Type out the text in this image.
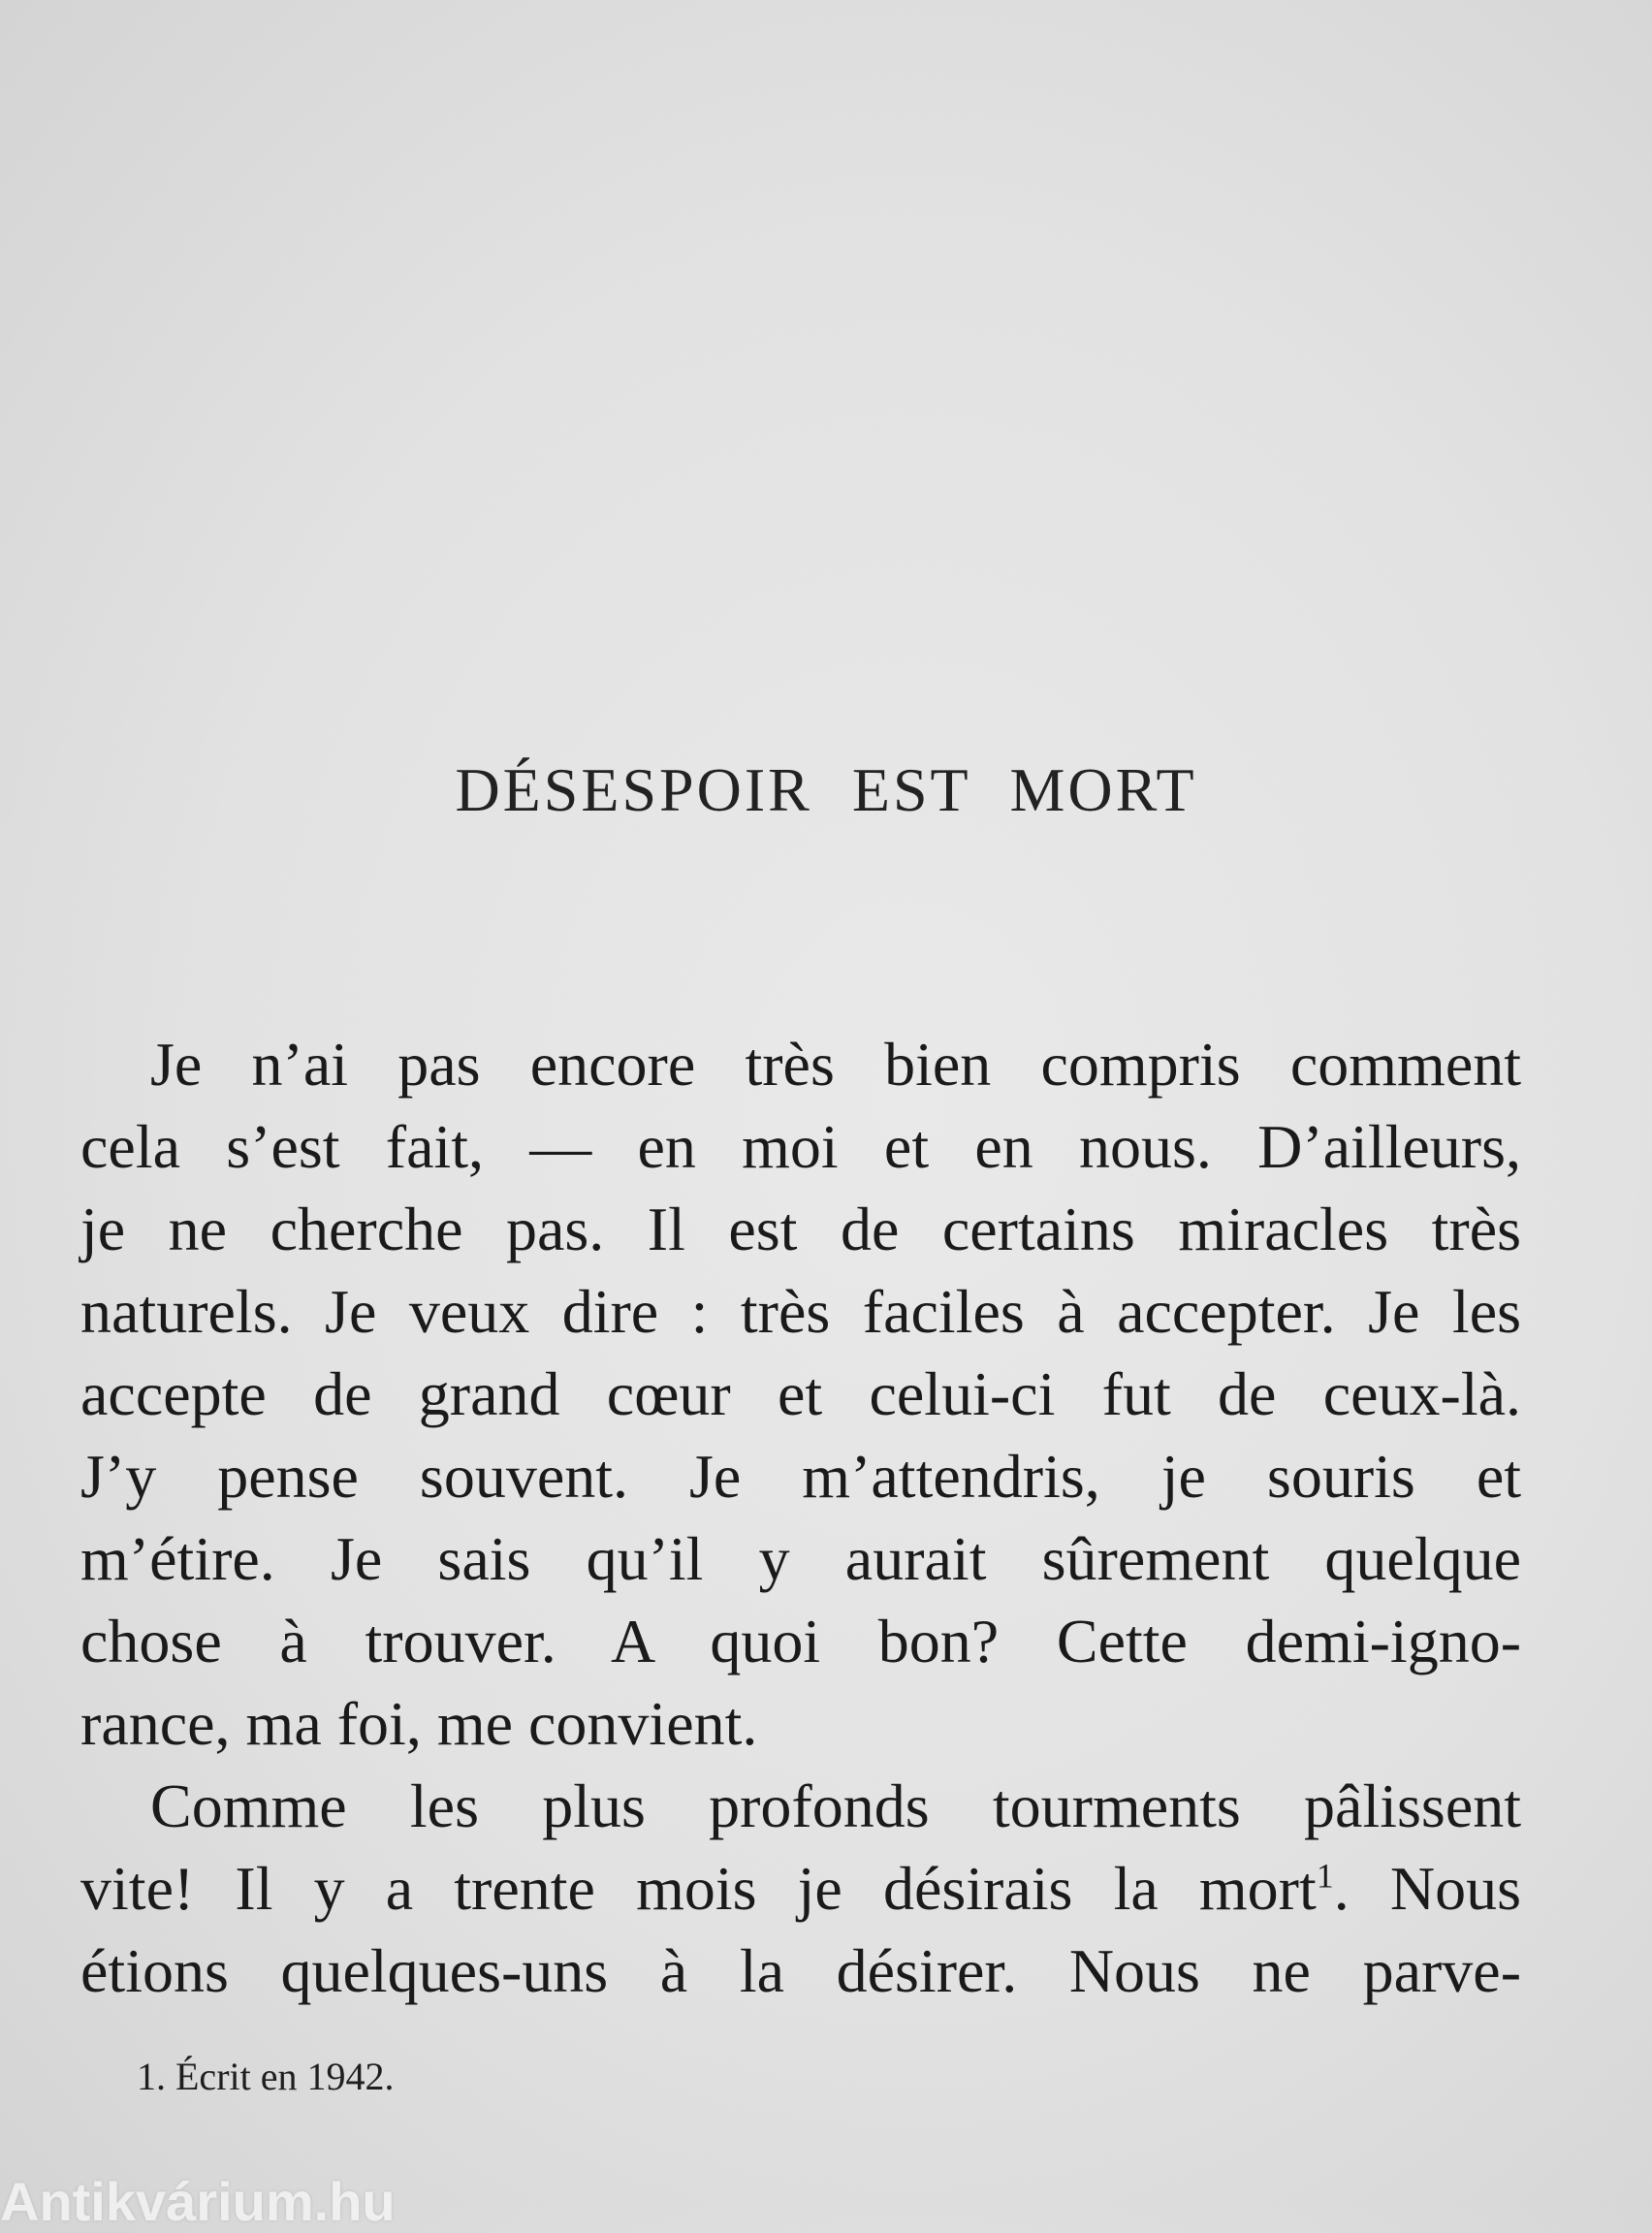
DÉSESPOIR EST MORT
Je n’ai pas encore très bien compris comment
cela s’est fait, — en moi et en nous. D’ailleurs,
je ne cherche pas. Il est de certains miracles très
naturels. Je veux dire : très faciles à accepter. Je les
accepte de grand cœur et celui-ci fut de ceux-là.
J’y pense souvent. Je m’attendris, je souris et
m’étire. Je sais qu’il y aurait sûrement quelque
chose à trouver. A quoi bon? Cette demi-igno-
rance, ma foi, me convient.
Comme les plus profonds tourments pâlissent
vite! Il y a trente mois je désirais la mort$^1$. Nous
étions quelques-uns à la désirer. Nous ne parve-
1. Écrit en 1942.
Antikvárium.hu
